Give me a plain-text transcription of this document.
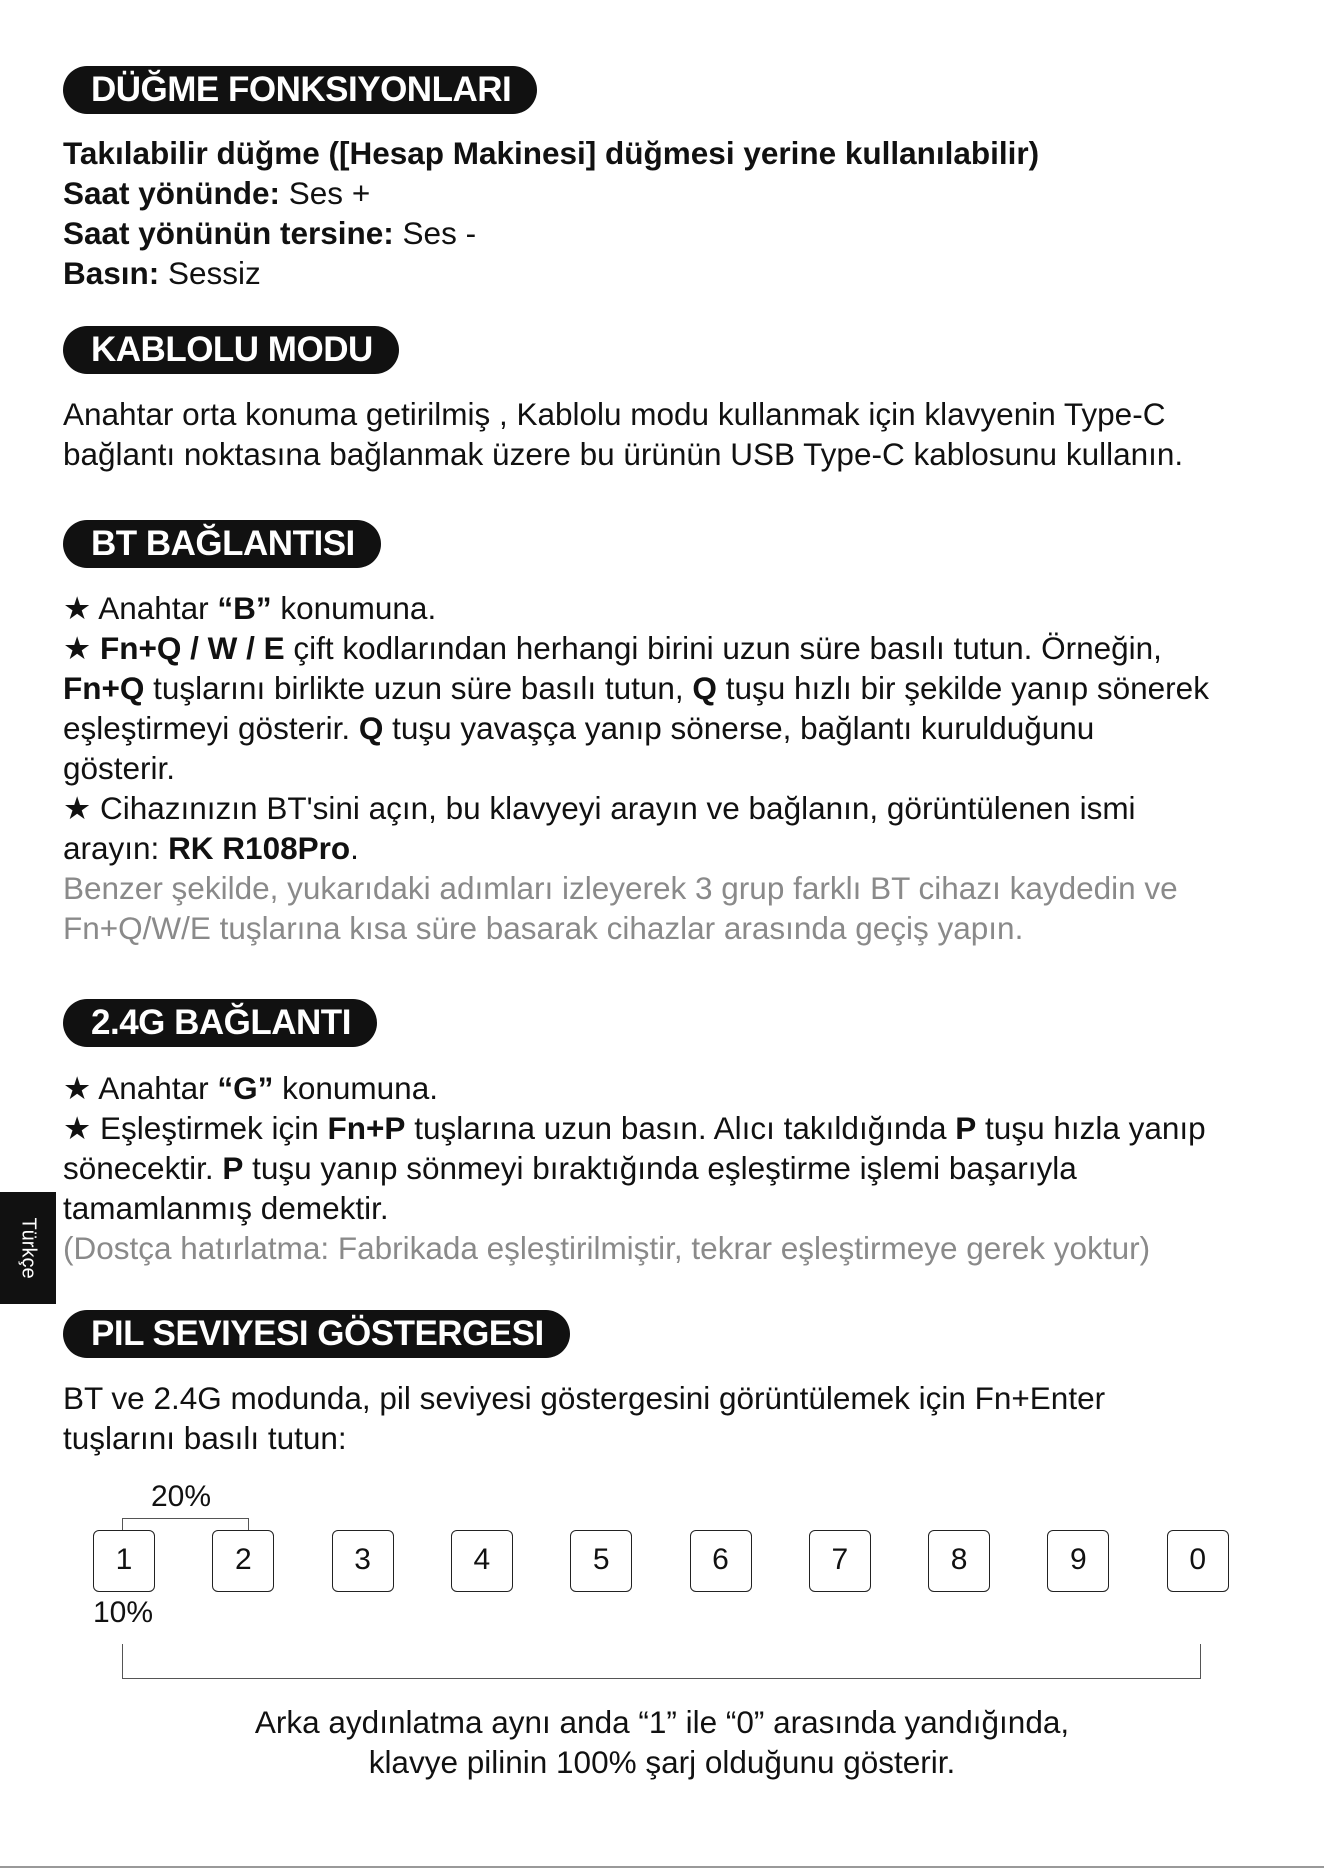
DÜĞME FONKSIYONLARI
Takılabilir düğme ([Hesap Makinesi] düğmesi yerine kullanılabilir)
Saat yönünde: Ses +
Saat yönünün tersine: Ses -
Basın: Sessiz
KABLOLU MODU
Anahtar orta konuma getirilmiş , Kablolu modu kullanmak için klavyenin Type-C
bağlantı noktasına bağlanmak üzere bu ürünün USB Type-C kablosunu kullanın.
BT BAĞLANTISI
★ Anahtar “B” konumuna.
★ Fn+Q / W / E çift kodlarından herhangi birini uzun süre basılı tutun. Örneğin,
Fn+Q tuşlarını birlikte uzun süre basılı tutun, Q tuşu hızlı bir şekilde yanıp sönerek
eşleştirmeyi gösterir. Q tuşu yavaşça yanıp sönerse, bağlantı kurulduğunu
gösterir.
★ Cihazınızın BT'sini açın, bu klavyeyi arayın ve bağlanın, görüntülenen ismi
arayın: RK R108Pro.
Benzer şekilde, yukarıdaki adımları izleyerek 3 grup farklı BT cihazı kaydedin ve
Fn+Q/W/E tuşlarına kısa süre basarak cihazlar arasında geçiş yapın.
2.4G BAĞLANTI
★ Anahtar “G” konumuna.
★ Eşleştirmek için Fn+P tuşlarına uzun basın. Alıcı takıldığında P tuşu hızla yanıp
sönecektir. P tuşu yanıp sönmeyi bıraktığında eşleştirme işlemi başarıyla
tamamlanmış demektir.
(Dostça hatırlatma: Fabrikada eşleştirilmiştir, tekrar eşleştirmeye gerek yoktur)
Türkçe
PIL SEVIYESI GÖSTERGESI
BT ve 2.4G modunda, pil seviyesi göstergesini görüntülemek için Fn+Enter
tuşlarını basılı tutun:
20%
1	2	3	4	5	6	7	8	9	0
10%
Arka aydınlatma aynı anda “1” ile “0” arasında yandığında,
klavye pilinin 100% şarj olduğunu gösterir.
